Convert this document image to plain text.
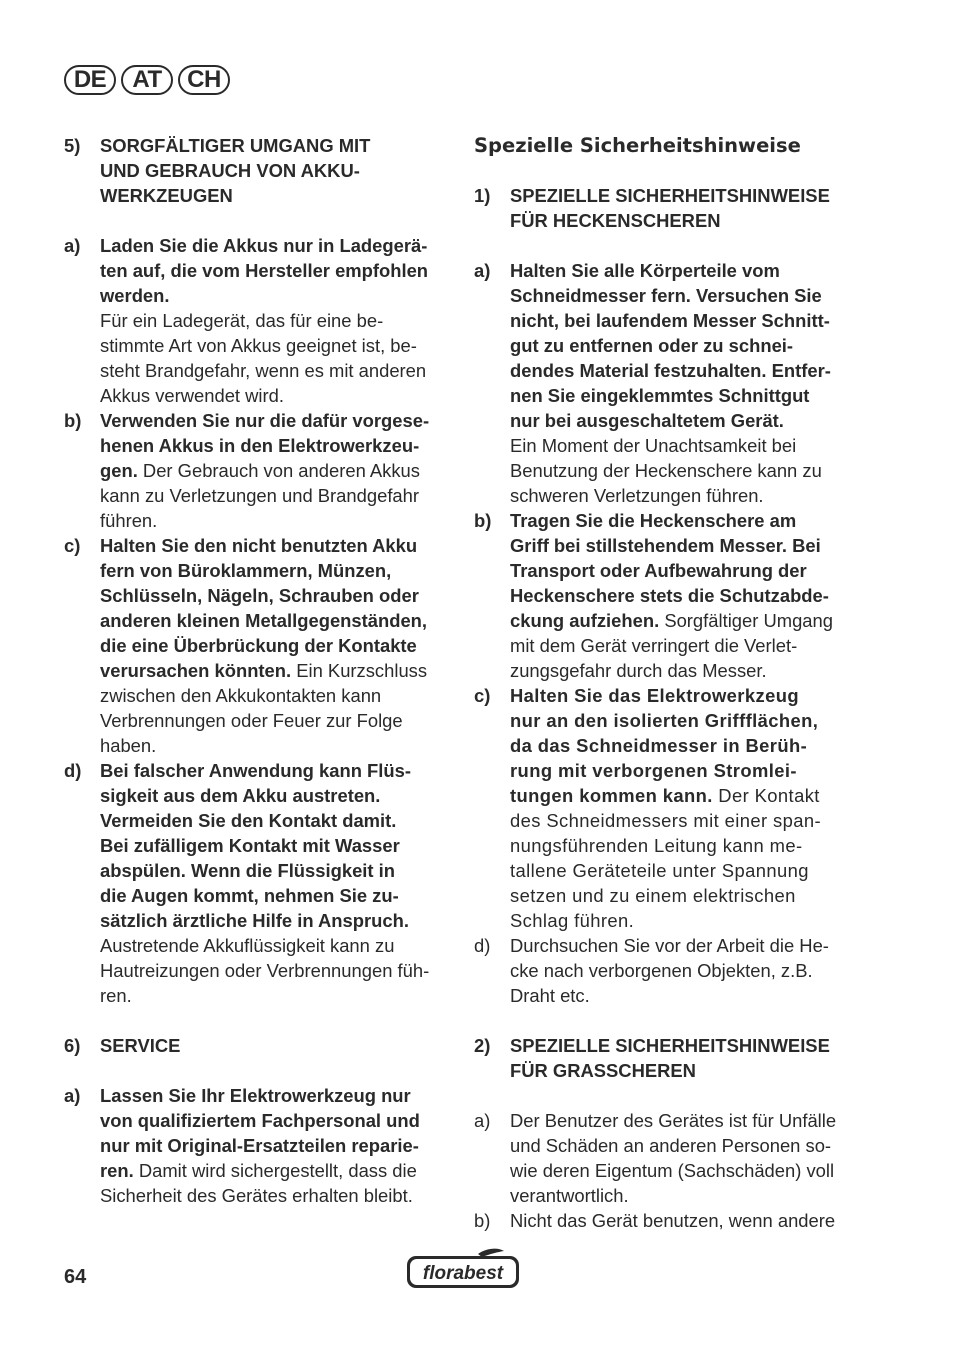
DE	AT	CH
5)	SORGFÄLTIGER UMGANG MIT
UND GEBRAUCH VON AKKU-
WERKZEUGEN
a)	Laden Sie die Akkus nur in Ladegerä-
ten auf, die vom Hersteller empfohlen
werden.
Für ein Ladegerät, das für eine be-
stimmte Art von Akkus geeignet ist, be-
steht Brandgefahr, wenn es mit anderen
Akkus verwendet wird.
b)	Verwenden Sie nur die dafür vorgese-
henen Akkus in den Elektrowerkzeu-
gen. Der Gebrauch von anderen Akkus
kann zu Verletzungen und Brandgefahr
führen.
c)	Halten Sie den nicht benutzten Akku
fern von Büroklammern, Münzen,
Schlüsseln, Nägeln, Schrauben oder
anderen kleinen Metallgegenständen,
die eine Überbrückung der Kontakte
verursachen könnten. Ein Kurzschluss
zwischen den Akkukontakten kann
Verbrennungen oder Feuer zur Folge
haben.
d)	Bei falscher Anwendung kann Flüs-
sigkeit aus dem Akku austreten.
Vermeiden Sie den Kontakt damit.
Bei zufälligem Kontakt mit Wasser
abspülen. Wenn die Flüssigkeit in
die Augen kommt, nehmen Sie zu-
sätzlich ärztliche Hilfe in Anspruch.
Austretende Akkuflüssigkeit kann zu
Hautreizungen oder Verbrennungen füh-
ren.
6)	SERVICE
a)	Lassen Sie Ihr Elektrowerkzeug nur
von qualifiziertem Fachpersonal und
nur mit Original-Ersatzteilen reparie-
ren. Damit wird sichergestellt, dass die
Sicherheit des Gerätes erhalten bleibt.
Spezielle Sicherheitshinweise
1)	SPEZIELLE SICHERHEITSHINWEISE
FÜR HECKENSCHEREN
a)	Halten Sie alle Körperteile vom
Schneidmesser fern. Versuchen Sie
nicht, bei laufendem Messer Schnitt-
gut zu entfernen oder zu schnei-
dendes Material festzuhalten. Entfer-
nen Sie eingeklemmtes Schnittgut
nur bei ausgeschaltetem Gerät.
Ein Moment der Unachtsamkeit bei
Benutzung der Heckenschere kann zu
schweren Verletzungen führen.
b)	Tragen Sie die Heckenschere am
Griff bei stillstehendem Messer. Bei
Transport oder Aufbewahrung der
Heckenschere stets die Schutzabde-
ckung aufziehen. Sorgfältiger Umgang
mit dem Gerät verringert die Verlet-
zungsgefahr durch das Messer.
c)	Halten Sie das Elektrowerkzeug
nur an den isolierten Griffflächen,
da das Schneidmesser in Berüh-
rung mit verborgenen Stromlei-
tungen kommen kann. Der Kontakt
des Schneidmessers mit einer span-
nungsführenden Leitung kann me-
tallene Geräteteile unter Spannung
setzen und zu einem elektrischen
Schlag führen.
d)	Durchsuchen Sie vor der Arbeit die He-
cke nach verborgenen Objekten, z.B.
Draht etc.
2)	SPEZIELLE SICHERHEITSHINWEISE
FÜR GRASSCHEREN
a)	Der Benutzer des Gerätes ist für Unfälle
und Schäden an anderen Personen so-
wie deren Eigentum (Sachschäden) voll
verantwortlich.
b)	Nicht das Gerät benutzen, wenn andere
64	florabest
